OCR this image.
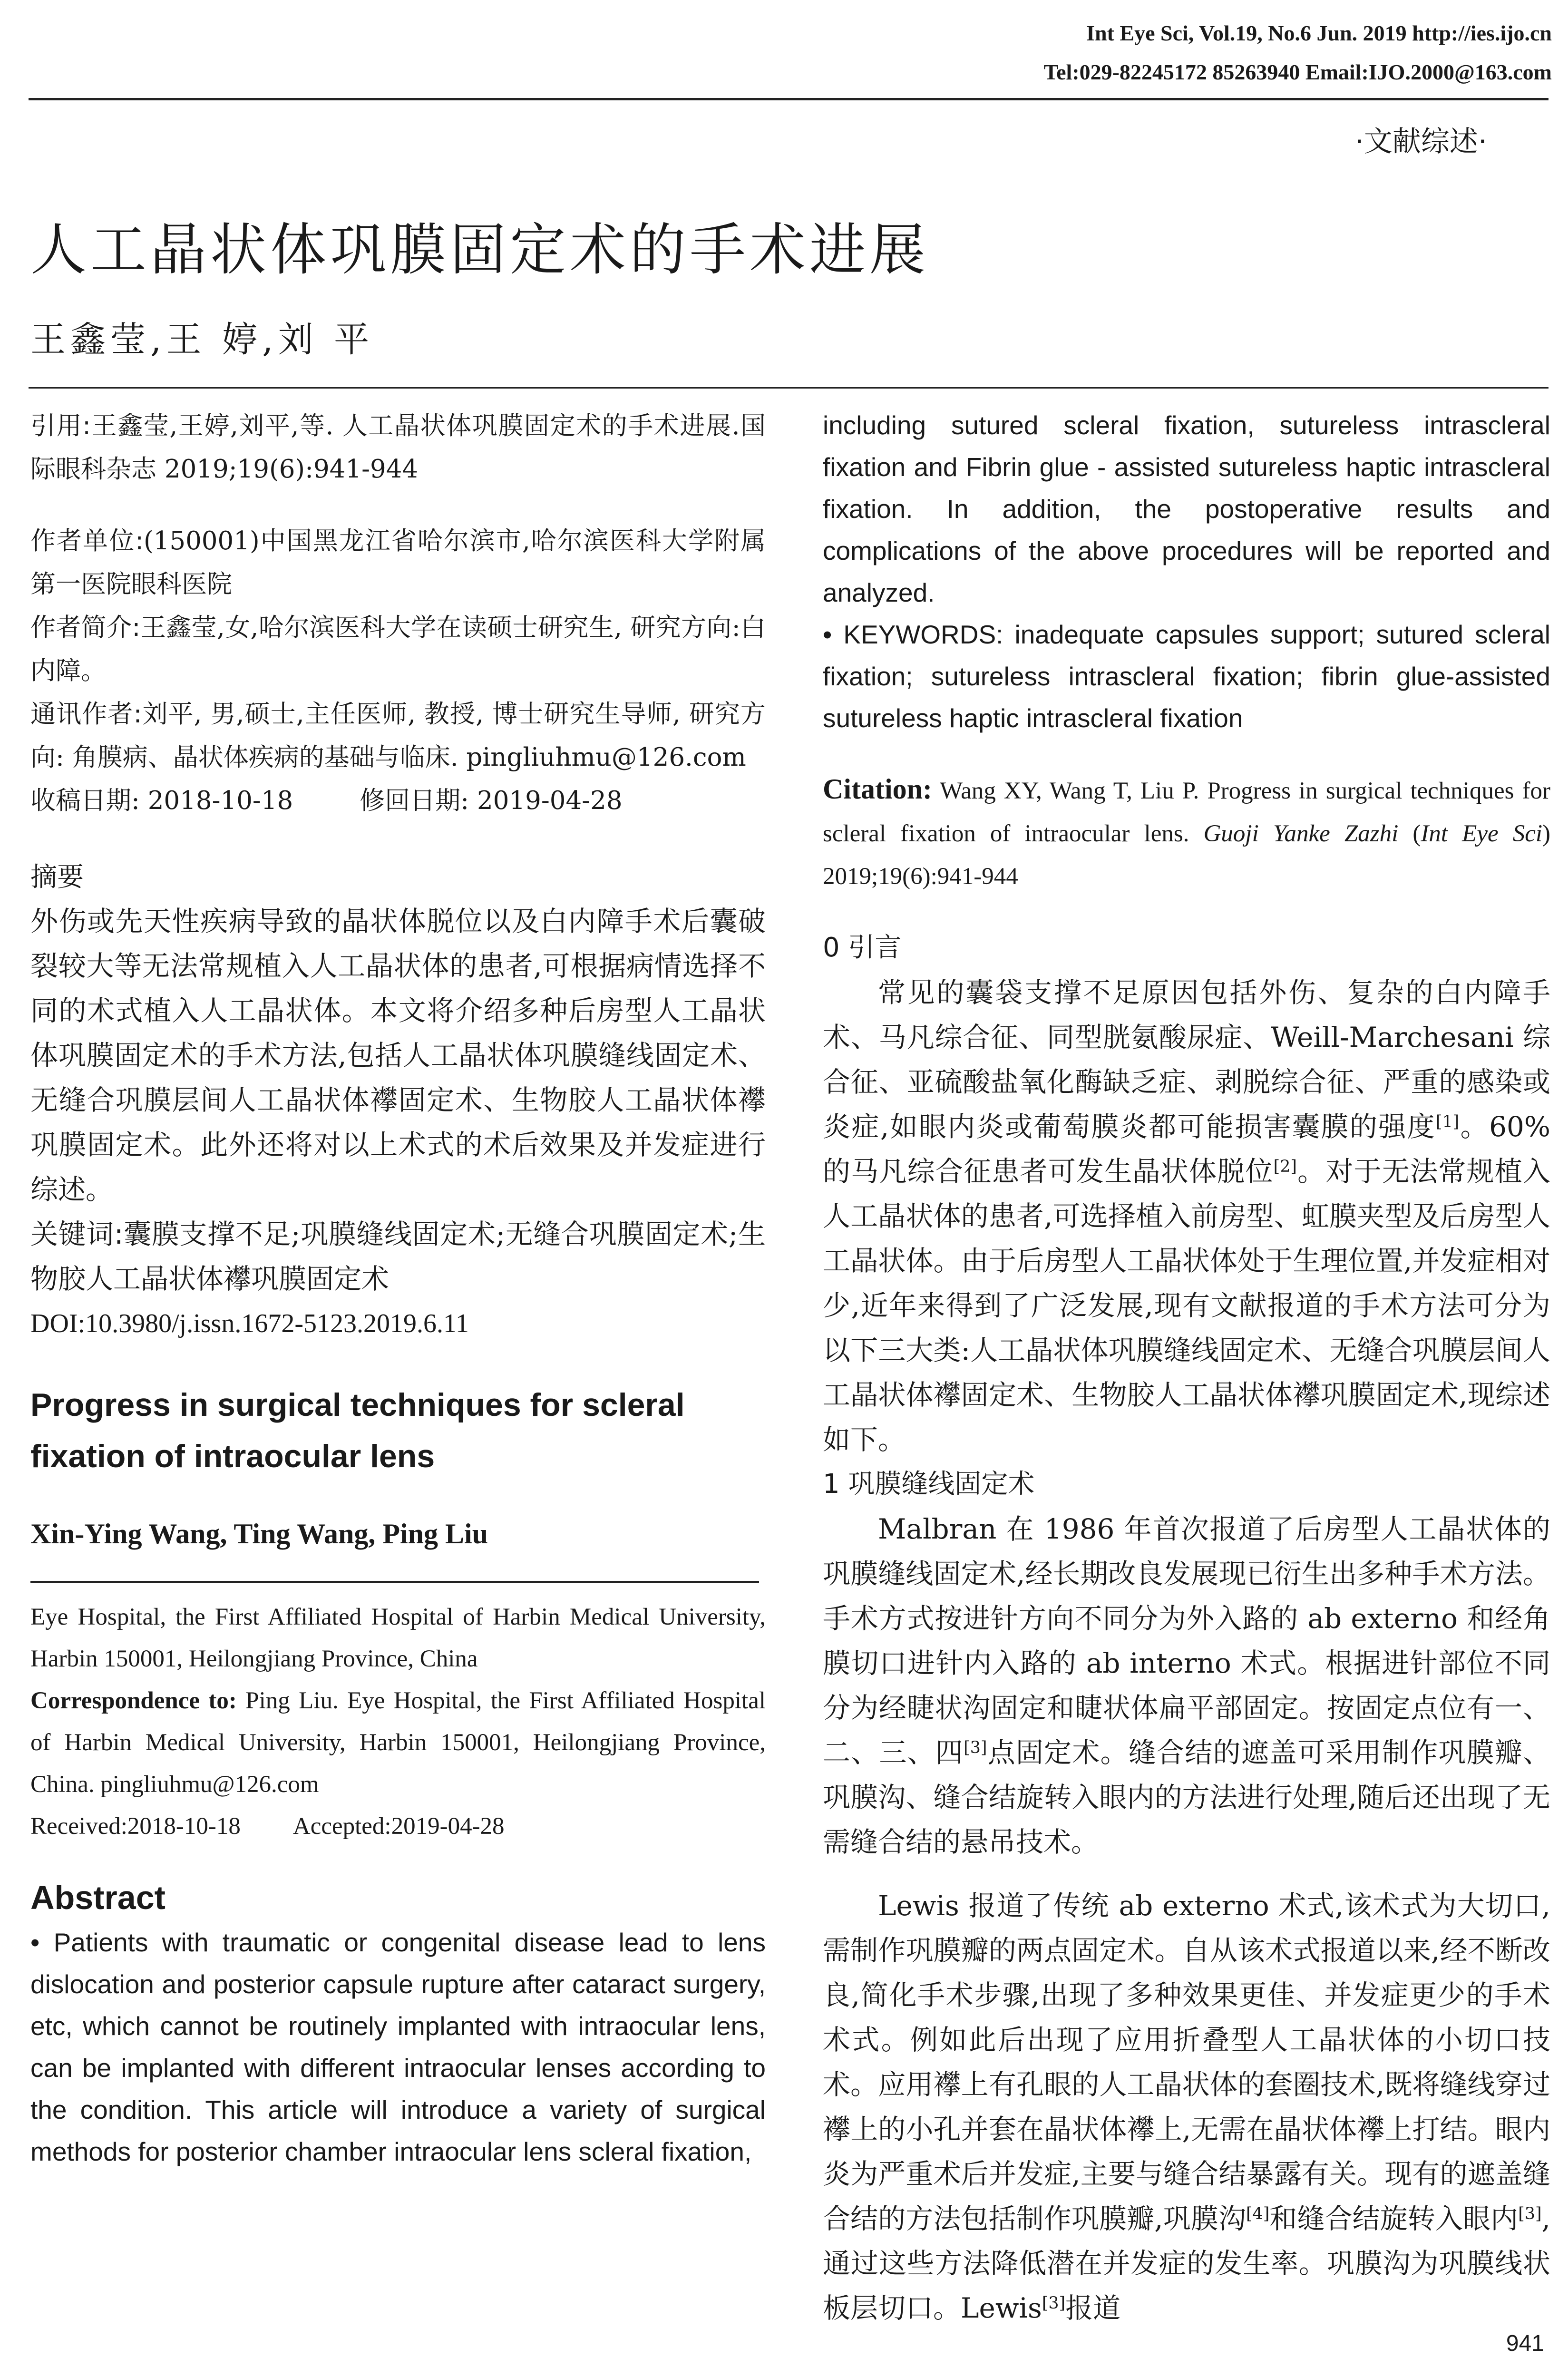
Int Eye Sci, Vol.19, No.6 Jun. 2019 http://ies.ijo.cn
Tel:029-82245172 85263940 Email:IJO.2000@163.com
·文献综述·
人工晶状体巩膜固定术的手术进展
王鑫莹,王 婷,刘 平

引用:王鑫莹,王婷,刘平,等. 人工晶状体巩膜固定术的手术进展.国际眼科杂志 2019;19(6):941-944

作者单位:(150001)中国黑龙江省哈尔滨市,哈尔滨医科大学附属第一医院眼科医院

作者简介:王鑫莹,女,哈尔滨医科大学在读硕士研究生, 研究方向:白内障。

通讯作者:刘平, 男,硕士,主任医师, 教授, 博士研究生导师, 研究方向: 角膜病、晶状体疾病的基础与临床. pingliuhmu@126.com

收稿日期: 2018-10-18	修回日期: 2019-04-28

摘要

外伤或先天性疾病导致的晶状体脱位以及白内障手术后囊破裂较大等无法常规植入人工晶状体的患者,可根据病情选择不同的术式植入人工晶状体。本文将介绍多种后房型人工晶状体巩膜固定术的手术方法,包括人工晶状体巩膜缝线固定术、无缝合巩膜层间人工晶状体襻固定术、生物胶人工晶状体襻巩膜固定术。此外还将对以上术式的术后效果及并发症进行综述。

关键词:囊膜支撑不足;巩膜缝线固定术;无缝合巩膜固定术;生物胶人工晶状体襻巩膜固定术

DOI:10.3980/j.issn.1672-5123.2019.6.11

Progress in surgical techniques for scleral fixation of intraocular lens

Xin-Ying Wang, Ting Wang, Ping Liu

Eye Hospital, the First Affiliated Hospital of Harbin Medical University, Harbin 150001, Heilongjiang Province, China

Correspondence to: Ping Liu. Eye Hospital, the First Affiliated Hospital of Harbin Medical University, Harbin 150001, Heilongjiang Province, China. pingliuhmu@126.com

Received:2018-10-18 Accepted:2019-04-28

Abstract

• Patients with traumatic or congenital disease lead to lens dislocation and posterior capsule rupture after cataract surgery, etc, which cannot be routinely implanted with intraocular lens, can be implanted with different intraocular lenses according to the condition. This article will introduce a variety of surgical methods for posterior chamber intraocular lens scleral fixation,

including sutured scleral fixation, sutureless intrascleral fixation and Fibrin glue - assisted sutureless haptic intrascleral fixation. In addition, the postoperative results and complications of the above procedures will be reported and analyzed.

• KEYWORDS: inadequate capsules support; sutured scleral fixation; sutureless intrascleral fixation; fibrin glue-assisted sutureless haptic intrascleral fixation

Citation: Wang XY, Wang T, Liu P. Progress in surgical techniques for scleral fixation of intraocular lens. Guoji Yanke Zazhi (Int Eye Sci) 2019;19(6):941-944

0 引言

常见的囊袋支撑不足原因包括外伤、复杂的白内障手术、马凡综合征、同型胱氨酸尿症、Weill-Marchesani 综合征、亚硫酸盐氧化酶缺乏症、剥脱综合征、严重的感染或炎症,如眼内炎或葡萄膜炎都可能损害囊膜的强度[1]。60%的马凡综合征患者可发生晶状体脱位[2]。对于无法常规植入人工晶状体的患者,可选择植入前房型、虹膜夹型及后房型人工晶状体。由于后房型人工晶状体处于生理位置,并发症相对少,近年来得到了广泛发展,现有文献报道的手术方法可分为以下三大类:人工晶状体巩膜缝线固定术、无缝合巩膜层间人工晶状体襻固定术、生物胶人工晶状体襻巩膜固定术,现综述如下。

1 巩膜缝线固定术

Malbran 在 1986 年首次报道了后房型人工晶状体的巩膜缝线固定术,经长期改良发展现已衍生出多种手术方法。手术方式按进针方向不同分为外入路的 ab externo 和经角膜切口进针内入路的 ab interno 术式。根据进针部位不同分为经睫状沟固定和睫状体扁平部固定。按固定点位有一、二、三、四[3]点固定术。缝合结的遮盖可采用制作巩膜瓣、巩膜沟、缝合结旋转入眼内的方法进行处理,随后还出现了无需缝合结的悬吊技术。

Lewis 报道了传统 ab externo 术式,该术式为大切口,需制作巩膜瓣的两点固定术。自从该术式报道以来,经不断改良,简化手术步骤,出现了多种效果更佳、并发症更少的手术术式。例如此后出现了应用折叠型人工晶状体的小切口技术。应用襻上有孔眼的人工晶状体的套圈技术,既将缝线穿过襻上的小孔并套在晶状体襻上,无需在晶状体襻上打结。眼内炎为严重术后并发症,主要与缝合结暴露有关。现有的遮盖缝合结的方法包括制作巩膜瓣,巩膜沟[4]和缝合结旋转入眼内[3],通过这些方法降低潜在并发症的发生率。巩膜沟为巩膜线状板层切口。Lewis[3]报道

941
